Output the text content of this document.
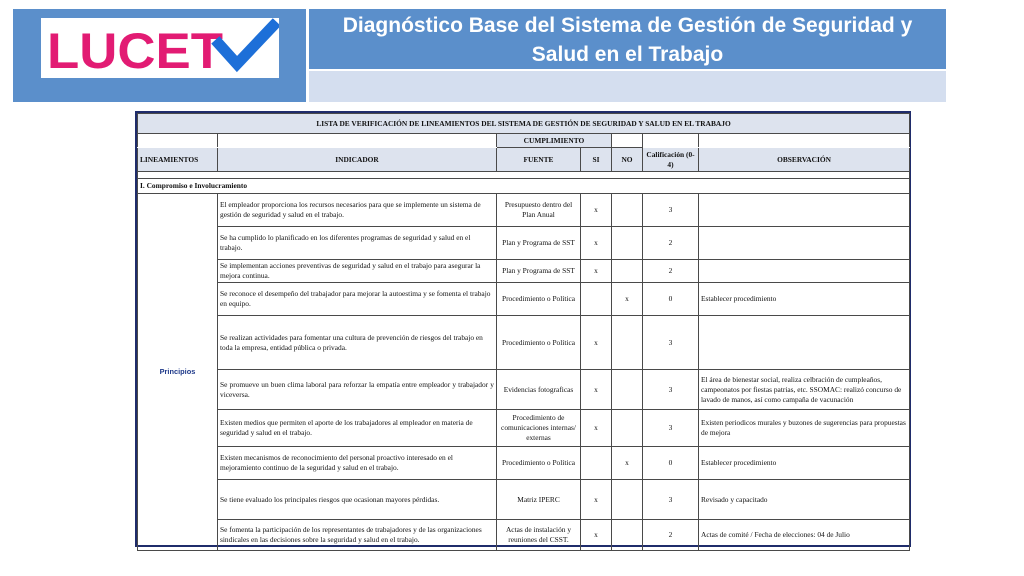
LUCET	Diagnóstico Base del Sistema de Gestión de Seguridad y
Salud en el Trabajo
LISTA DE VERIFICACIÓN DE LINEAMIENTOS DEL SISTEMA DE GESTIÓN DE SEGURIDAD Y SALUD EN EL TRABAJO						
		CUMPLIMIENTO				
LINEAMIENTOS	INDICADOR	FUENTE	SI	NO	Calificación (0-4)	OBSERVACIÓN

I. Compromiso e Involucramiento						
Principios	El empleador proporciona los recursos necesarios para que se implemente un sistema de gestión de seguridad y salud en el trabajo.	Presupuesto dentro del Plan Anual	x		3	
	Se ha cumplido lo planificado en los diferentes programas de seguridad y salud en el trabajo.	Plan y Programa de SST	x		2	
	Se implementan acciones preventivas de seguridad y salud en el trabajo para asegurar la mejora continua.	Plan y Programa de SST	x		2	
	Se reconoce el desempeño del trabajador para mejorar la autoestima y se fomenta el trabajo en equipo.	Procedimiento o Política		x	0	Establecer procedimiento
	Se realizan actividades para fomentar una cultura de prevención de riesgos del trabajo en toda la empresa, entidad pública o privada.	Procedimiento o Política	x		3	
	Se promueve un buen clima laboral para reforzar la empatía entre empleador y trabajador y viceversa.	Evidencias fotograficas	x		3	El área de bienestar social, realiza celbración de cumpleaños, campeonatos por fiestas patrias, etc. SSOMAC: realizó concurso de lavado de manos, así como campaña de vacunación
	Existen medios que permiten el aporte de los trabajadores al empleador en materia de seguridad y salud en el trabajo.	Procedimiento de comunicaciones internas/ externas	x		3	Existen periodicos murales y buzones de sugerencias para propuestas de mejora
	Existen mecanismos de reconocimiento del personal proactivo interesado en el mejoramiento continuo de la seguridad y salud en el trabajo.	Procedimiento o Política		x	0	Establecer procedimiento
	Se tiene evaluado los principales riesgos que ocasionan mayores pérdidas.	Matriz IPERC	x		3	Revisado y capacitado
	Se fomenta la participación de los representantes de trabajadores y de las organizaciones sindicales en las decisiones sobre la seguridad y salud en el trabajo.	Actas de instalación y reuniones del CSST.	x		2	Actas de comité / Fecha de elecciones: 04 de Julio
